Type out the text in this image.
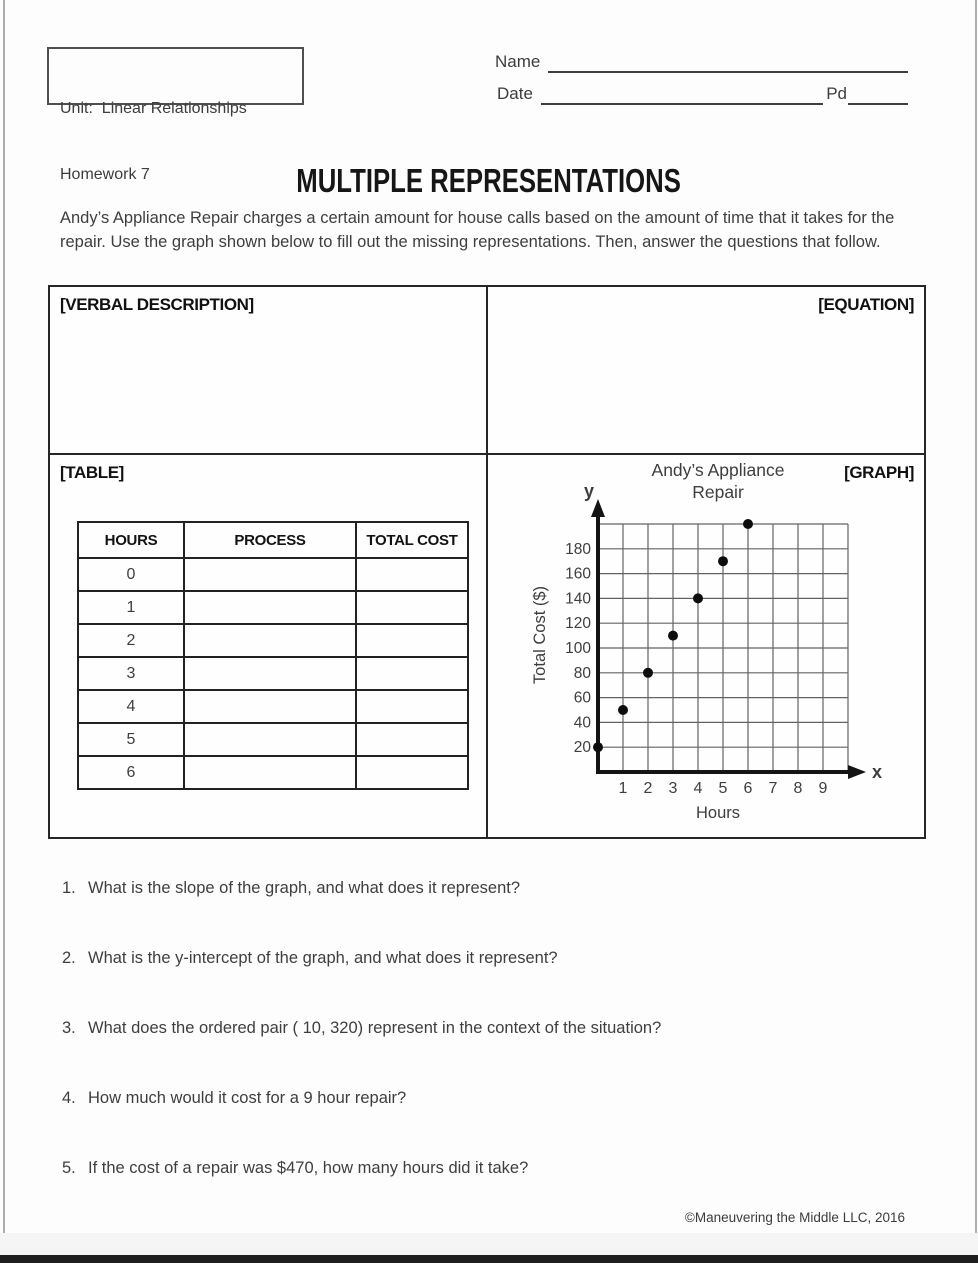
Unit:  Linear Relationships

Homework 7

Name
Date	Pd
MULTIPLE REPRESENTATIONS
Andy’s Appliance Repair charges a certain amount for house calls based on the amount of time that it takes for the repair. Use the graph shown below to fill out the missing representations. Then, answer the questions that follow.
[VERBAL DESCRIPTION]	[EQUATION]
[TABLE]
HOURS	PROCESS	TOTAL COST
0		
1		
2		
3		
4		
5		
6		
y
x
20
40
60
80
100
120
140
160
180
1 2 3 4 5 6 7 8 9
Andy’s Appliance
Repair
Total Cost ($)
Hours
[GRAPH]
1. What is the slope of the graph, and what does it represent?
2. What is the y-intercept of the graph, and what does it represent?
3. What does the ordered pair ( 10, 320) represent in the context of the situation?
4. How much would it cost for a 9 hour repair?
5. If the cost of a repair was $470, how many hours did it take?
©Maneuvering the Middle LLC, 2016
